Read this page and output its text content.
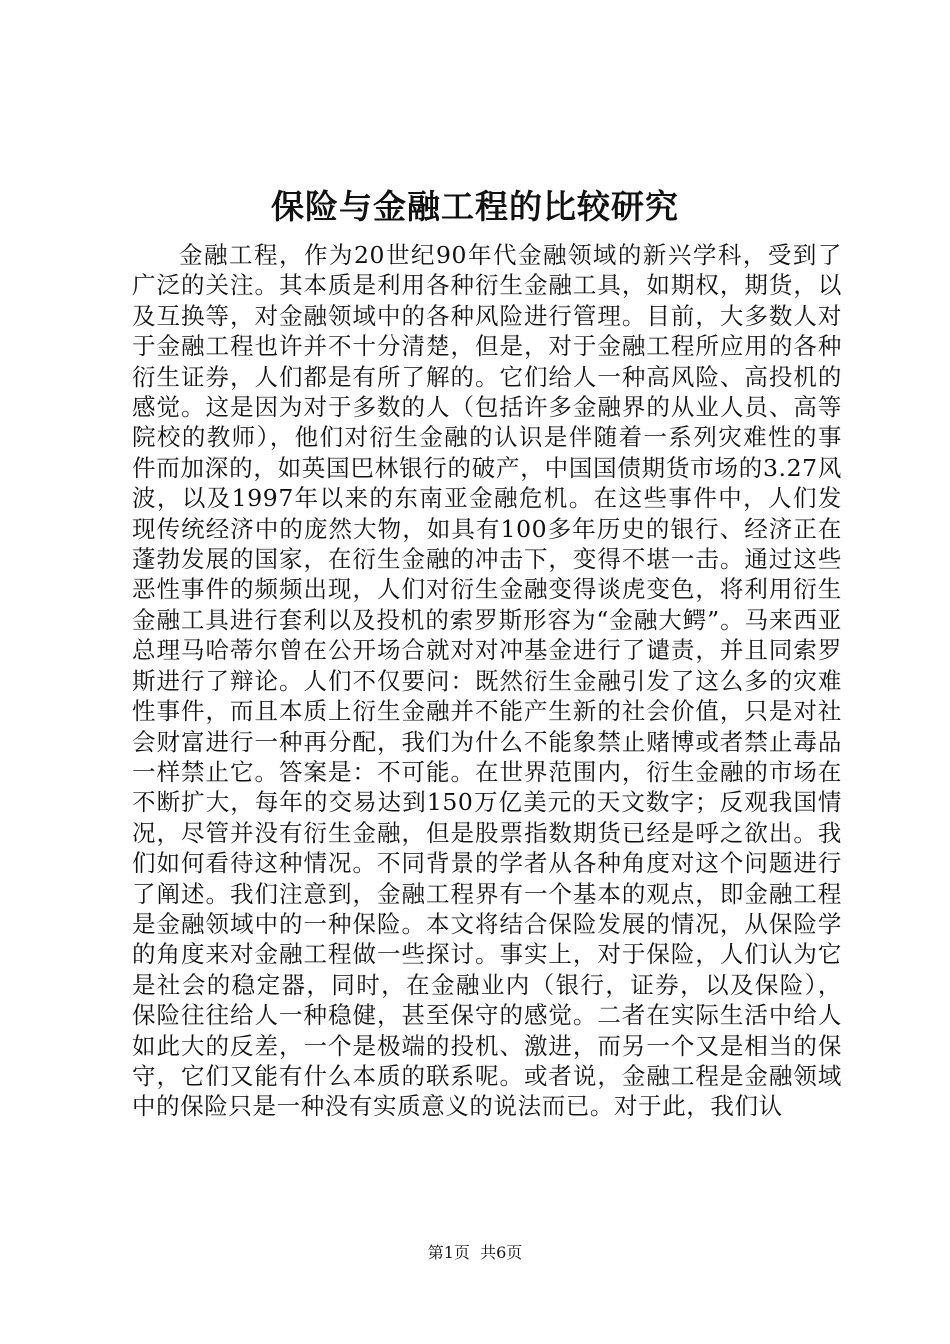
保险与金融工程的比较研究

金融工程，作为20世纪90年代金融领域的新兴学科，受到了广泛的关注。其本质是利用各种衍生金融工具，如期权，期货，以及互换等，对金融领域中的各种风险进行管理。目前，大多数人对于金融工程也许并不十分清楚，但是，对于金融工程所应用的各种衍生证券，人们都是有所了解的。它们给人一种高风险、高投机的感觉。这是因为对于多数的人（包括许多金融界的从业人员、高等院校的教师），他们对衍生金融的认识是伴随着一系列灾难性的事件而加深的，如英国巴林银行的破产，中国国债期货市场的3.27风波，以及1997年以来的东南亚金融危机。在这些事件中，人们发现传统经济中的庞然大物，如具有100多年历史的银行、经济正在蓬勃发展的国家，在衍生金融的冲击下，变得不堪一击。通过这些恶性事件的频频出现，人们对衍生金融变得谈虎变色，将利用衍生金融工具进行套利以及投机的索罗斯形容为“金融大鳄”。马来西亚总理马哈蒂尔曾在公开场合就对对冲基金进行了谴责，并且同索罗斯进行了辩论。人们不仅要问：既然衍生金融引发了这么多的灾难性事件，而且本质上衍生金融并不能产生新的社会价值，只是对社会财富进行一种再分配，我们为什么不能象禁止赌博或者禁止毒品一样禁止它。答案是：不可能。在世界范围内，衍生金融的市场在不断扩大，每年的交易达到150万亿美元的天文数字；反观我国情况，尽管并没有衍生金融，但是股票指数期货已经是呼之欲出。我们如何看待这种情况。不同背景的学者从各种角度对这个问题进行了阐述。我们注意到，金融工程界有一个基本的观点，即金融工程是金融领域中的一种保险。本文将结合保险发展的情况，从保险学的角度来对金融工程做一些探讨。事实上，对于保险，人们认为它是社会的稳定器，同时，在金融业内（银行，证券，以及保险），保险往往给人一种稳健，甚至保守的感觉。二者在实际生活中给人如此大的反差，一个是极端的投机、激进，而另一个又是相当的保守，它们又能有什么本质的联系呢。或者说，金融工程是金融领域中的保险只是一种没有实质意义的说法而已。对于此，我们认

第1页 共6页
